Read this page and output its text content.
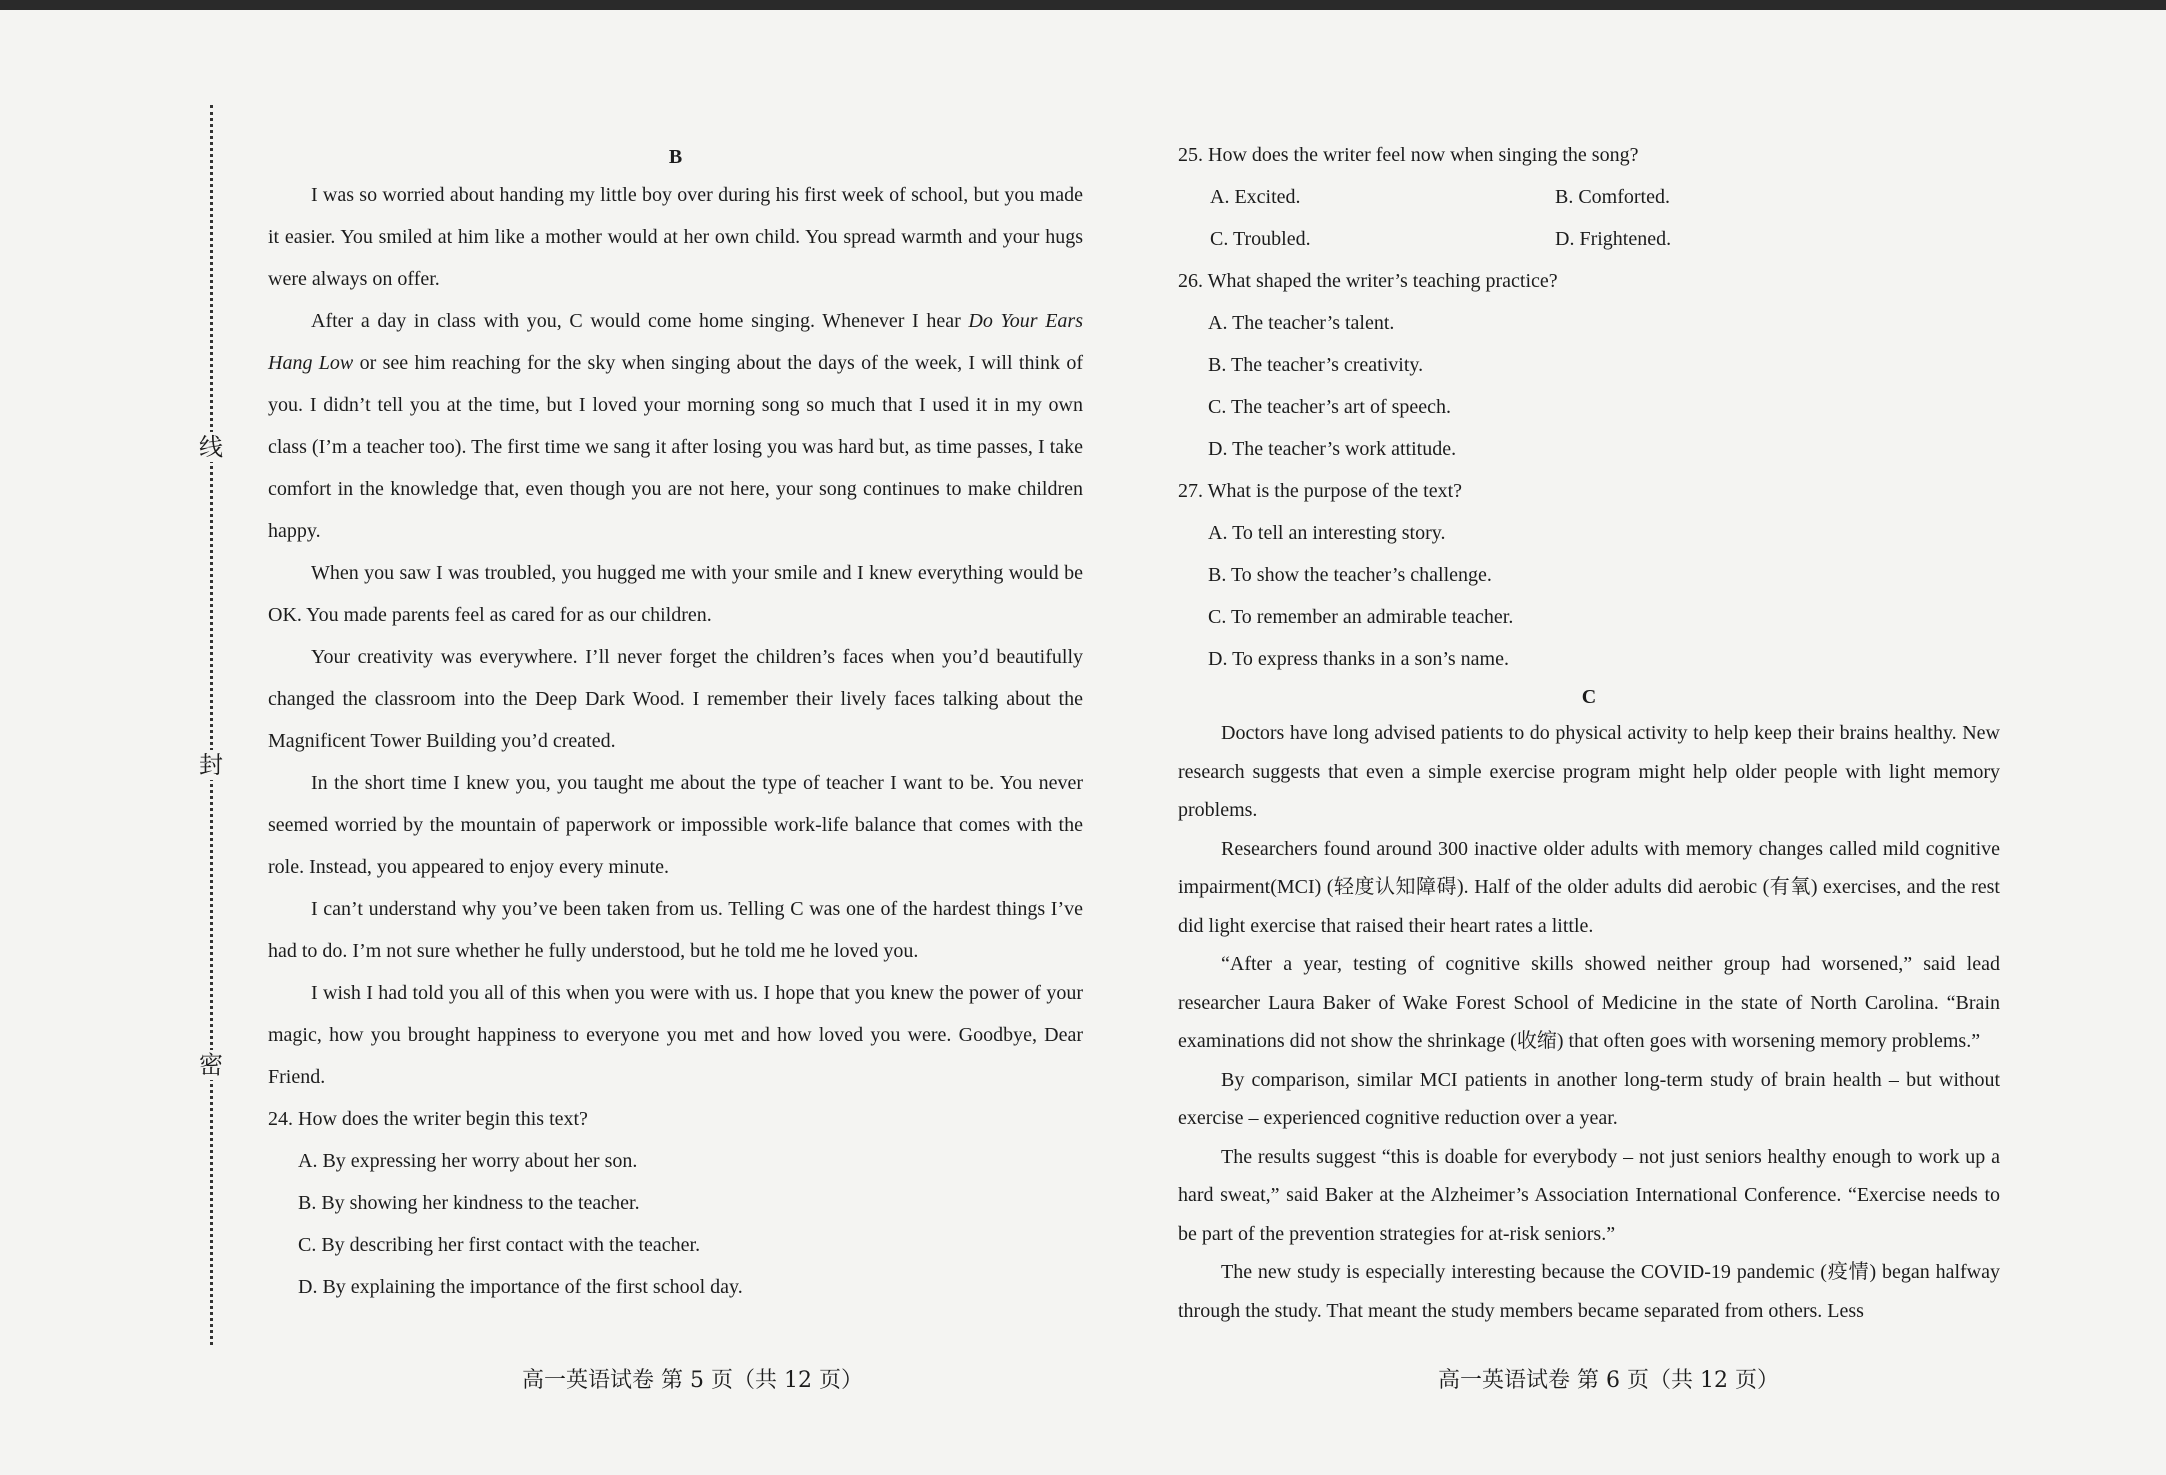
线
封
密
B

I was so worried about handing my little boy over during his first week of school, but you made it easier. You smiled at him like a mother would at her own child. You spread warmth and your hugs were always on offer.

After a day in class with you, C would come home singing. Whenever I hear Do Your Ears Hang Low or see him reaching for the sky when singing about the days of the week, I will think of you. I didn’t tell you at the time, but I loved your morning song so much that I used it in my own class (I’m a teacher too). The first time we sang it after losing you was hard but, as time passes, I take comfort in the knowledge that, even though you are not here, your song continues to make children happy.

When you saw I was troubled, you hugged me with your smile and I knew everything would be OK. You made parents feel as cared for as our children.

Your creativity was everywhere. I’ll never forget the children’s faces when you’d beautifully changed the classroom into the Deep Dark Wood. I remember their lively faces talking about the Magnificent Tower Building you’d created.

In the short time I knew you, you taught me about the type of teacher I want to be. You never seemed worried by the mountain of paperwork or impossible work-life balance that comes with the role. Instead, you appeared to enjoy every minute.

I can’t understand why you’ve been taken from us. Telling C was one of the hardest things I’ve had to do. I’m not sure whether he fully understood, but he told me he loved you.

I wish I had told you all of this when you were with us. I hope that you knew the power of your magic, how you brought happiness to everyone you met and how loved you were. Goodbye, Dear Friend.

24. How does the writer begin this text?

A. By expressing her worry about her son.

B. By showing her kindness to the teacher.

C. By describing her first contact with the teacher.

D. By explaining the importance of the first school day.

高一英语试卷 第 5 页（共 12 页）

25. How does the writer feel now when singing the song?

A. Excited.	B. Comforted.
C. Troubled.	D. Frightened.

26. What shaped the writer’s teaching practice?

A. The teacher’s talent.

B. The teacher’s creativity.

C. The teacher’s art of speech.

D. The teacher’s work attitude.

27. What is the purpose of the text?

A. To tell an interesting story.

B. To show the teacher’s challenge.

C. To remember an admirable teacher.

D. To express thanks in a son’s name.

C

Doctors have long advised patients to do physical activity to help keep their brains healthy. New research suggests that even a simple exercise program might help older people with light memory problems.

Researchers found around 300 inactive older adults with memory changes called mild cognitive impairment(MCI) (轻度认知障碍). Half of the older adults did aerobic (有氧) exercises, and the rest did light exercise that raised their heart rates a little.

“After a year, testing of cognitive skills showed neither group had worsened,” said lead researcher Laura Baker of Wake Forest School of Medicine in the state of North Carolina. “Brain examinations did not show the shrinkage (收缩) that often goes with worsening memory problems.”

By comparison, similar MCI patients in another long-term study of brain health – but without exercise – experienced cognitive reduction over a year.

The results suggest “this is doable for everybody – not just seniors healthy enough to work up a hard sweat,” said Baker at the Alzheimer’s Association International Conference. “Exercise needs to be part of the prevention strategies for at-risk seniors.”

The new study is especially interesting because the COVID-19 pandemic (疫情) began halfway through the study. That meant the study members became separated from others. Less

高一英语试卷 第 6 页（共 12 页）
